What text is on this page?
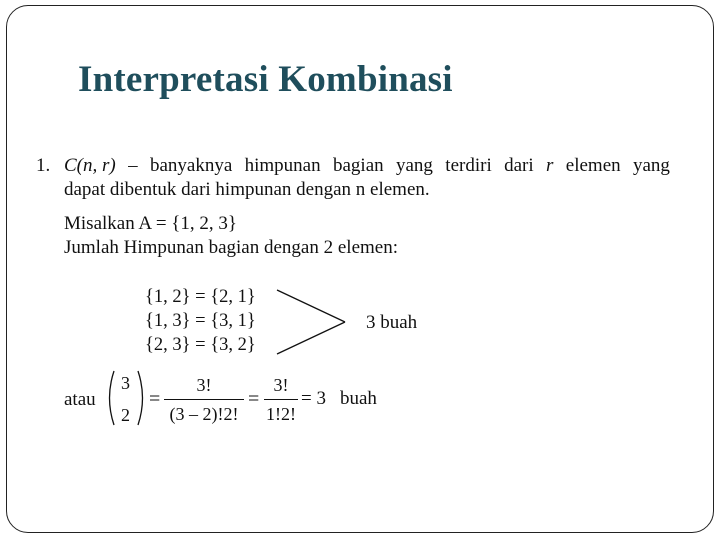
Interpretasi Kombinasi
1. C(n, r) – banyaknya himpunan bagian yang terdiri dari r elemen yang
dapat dibentuk dari himpunan dengan n elemen.
Misalkan A = {1, 2, 3}
Jumlah Himpunan bagian dengan 2 elemen:
{1, 2} = {2, 1}
{1, 3} = {3, 1}
{2, 3} = {3, 2}
3 buah
atau
3
2
=
3!
(3 – 2)!2!
=
3!
1!2!
= 3 buah
